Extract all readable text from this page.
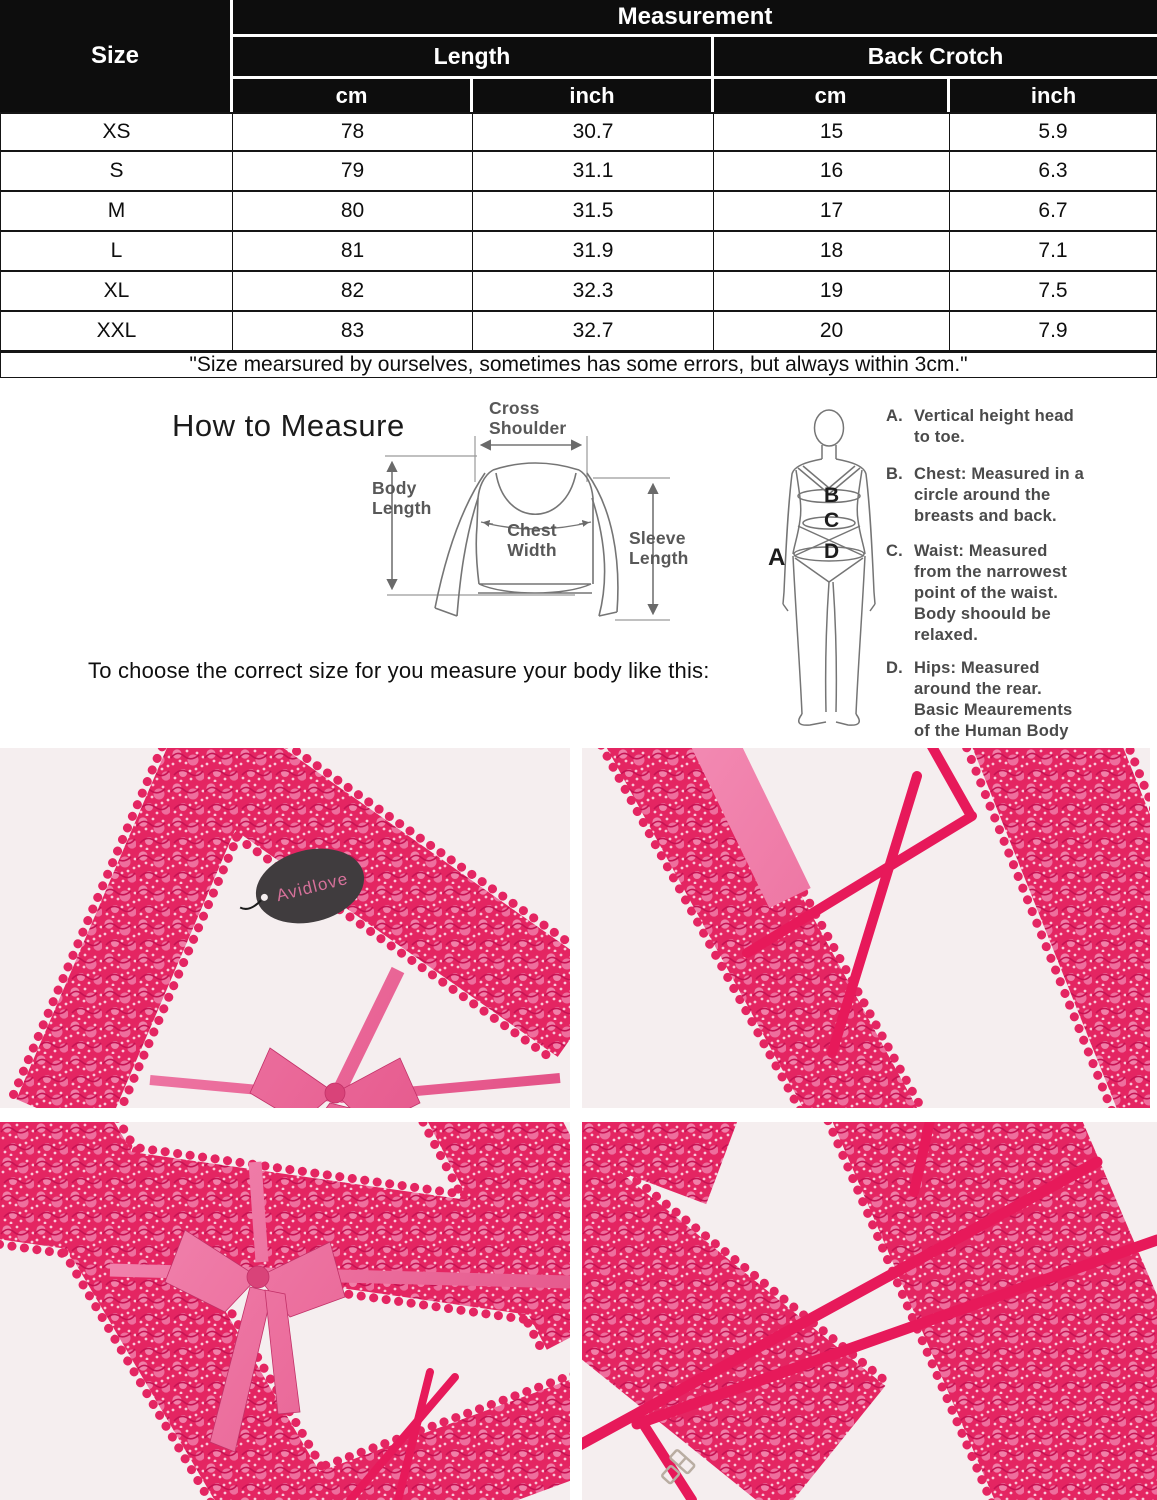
Size	Measurement			
	Length		Back Crotch	
	cm	inch	cm	inch
XS	78	30.7	15	5.9
S	79	31.1	16	6.3
M	80	31.5	17	6.7
L	81	31.9	18	7.1
XL	82	32.3	19	7.5
XXL	83	32.7	20	7.9
"Size mearsured by ourselves, sometimes has some errors, but always within 3cm."				
How to Measure	Cross Shoulder
Body Length
Chest Width
Sleeve Length
To choose the correct size for you measure your body like this:
A
B
C
D
A. Vertical height head
to toe.
B. Chest: Measured in a
circle around the
breasts and back.
C. Waist: Measured
from the narrowest
point of the waist.
Body shoould be
relaxed.
D. Hips: Measured
around the rear.
Basic Meaurements
of the Human Body
Avidlove
